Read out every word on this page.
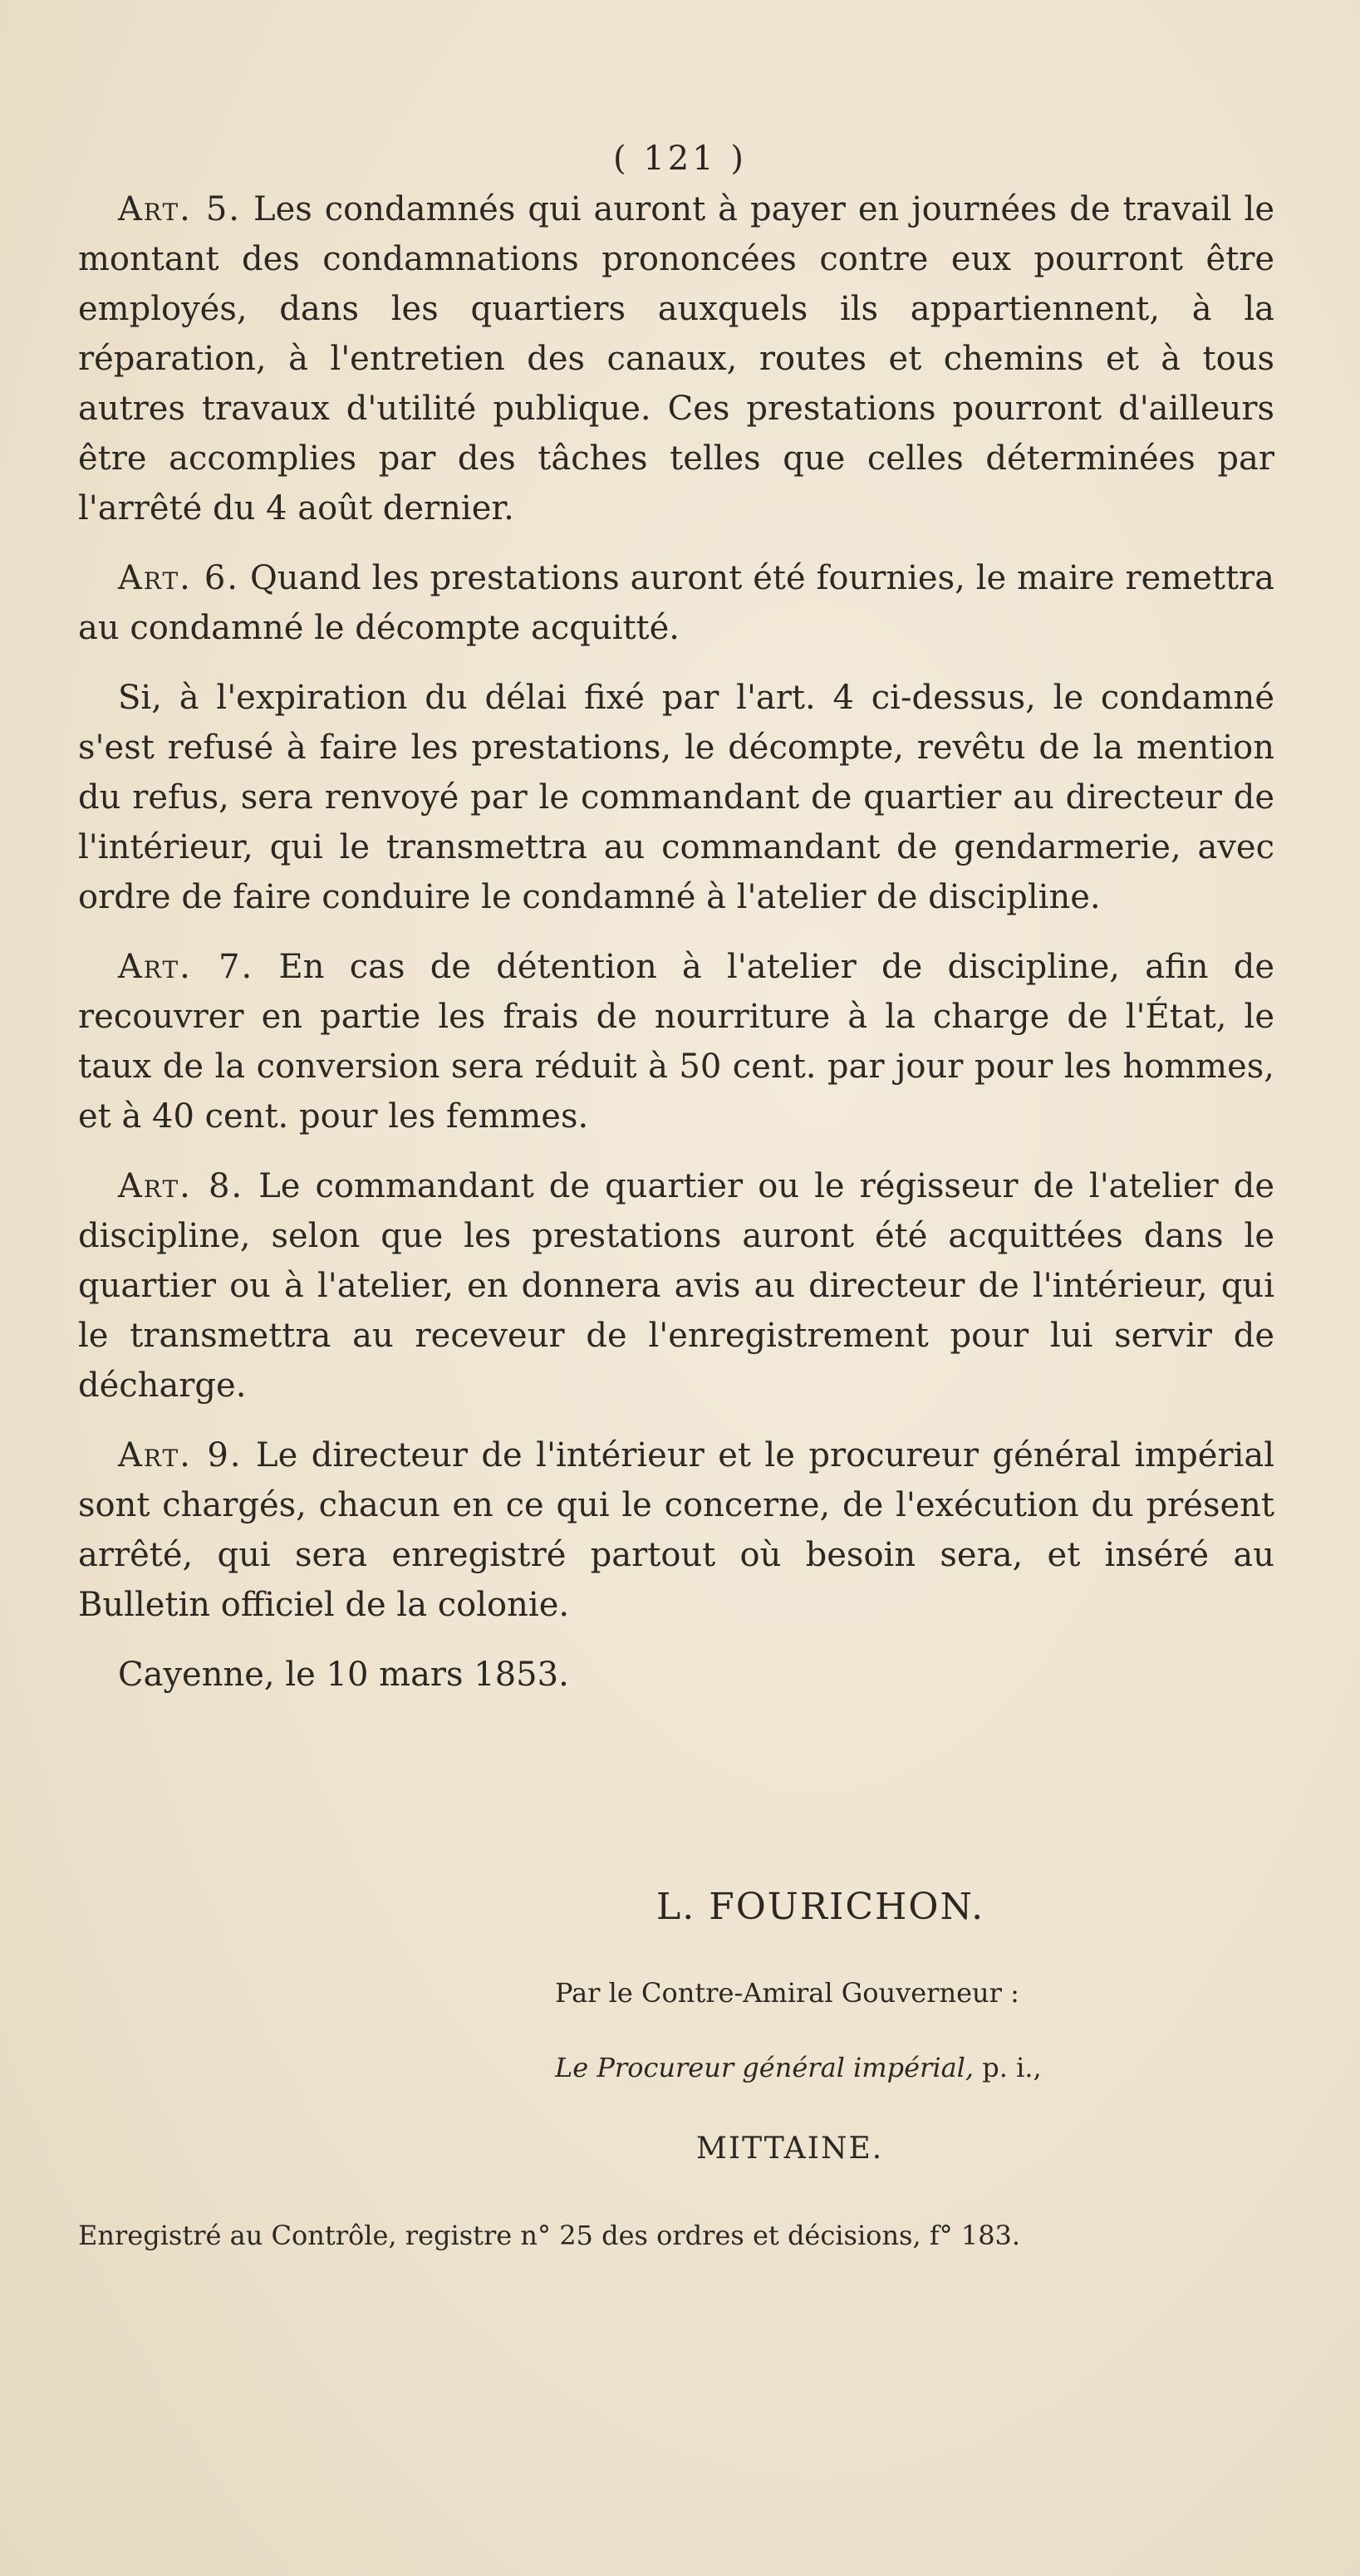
( 121 )

Art. 5. Les condamnés qui auront à payer en journées de travail le montant des condamnations prononcées contre eux pourront être employés, dans les quartiers auxquels ils appartiennent, à la réparation, à l'entretien des canaux, routes et chemins et à tous autres travaux d'utilité publique. Ces prestations pourront d'ailleurs être accomplies par des tâches telles que celles déterminées par l'arrêté du 4 août dernier.

Art. 6. Quand les prestations auront été fournies, le maire remettra au condamné le décompte acquitté.

Si, à l'expiration du délai fixé par l'art. 4 ci-dessus, le condamné s'est refusé à faire les prestations, le décompte, revêtu de la mention du refus, sera renvoyé par le commandant de quartier au directeur de l'intérieur, qui le transmettra au commandant de gendarmerie, avec ordre de faire conduire le condamné à l'atelier de discipline.

Art. 7. En cas de détention à l'atelier de discipline, afin de recouvrer en partie les frais de nourriture à la charge de l'État, le taux de la conversion sera réduit à 50 cent. par jour pour les hommes, et à 40 cent. pour les femmes.

Art. 8. Le commandant de quartier ou le régisseur de l'atelier de discipline, selon que les prestations auront été acquittées dans le quartier ou à l'atelier, en donnera avis au directeur de l'intérieur, qui le transmettra au receveur de l'enregistrement pour lui servir de décharge.

Art. 9. Le directeur de l'intérieur et le procureur général impérial sont chargés, chacun en ce qui le concerne, de l'exécution du présent arrêté, qui sera enregistré partout où besoin sera, et inséré au Bulletin officiel de la colonie.

Cayenne, le 10 mars 1853.

L. FOURICHON.
Par le Contre-Amiral Gouverneur :
Le Procureur général impérial, p. i.,
MITTAINE.
Enregistré au Contrôle, registre n° 25 des ordres et décisions, f° 183.
